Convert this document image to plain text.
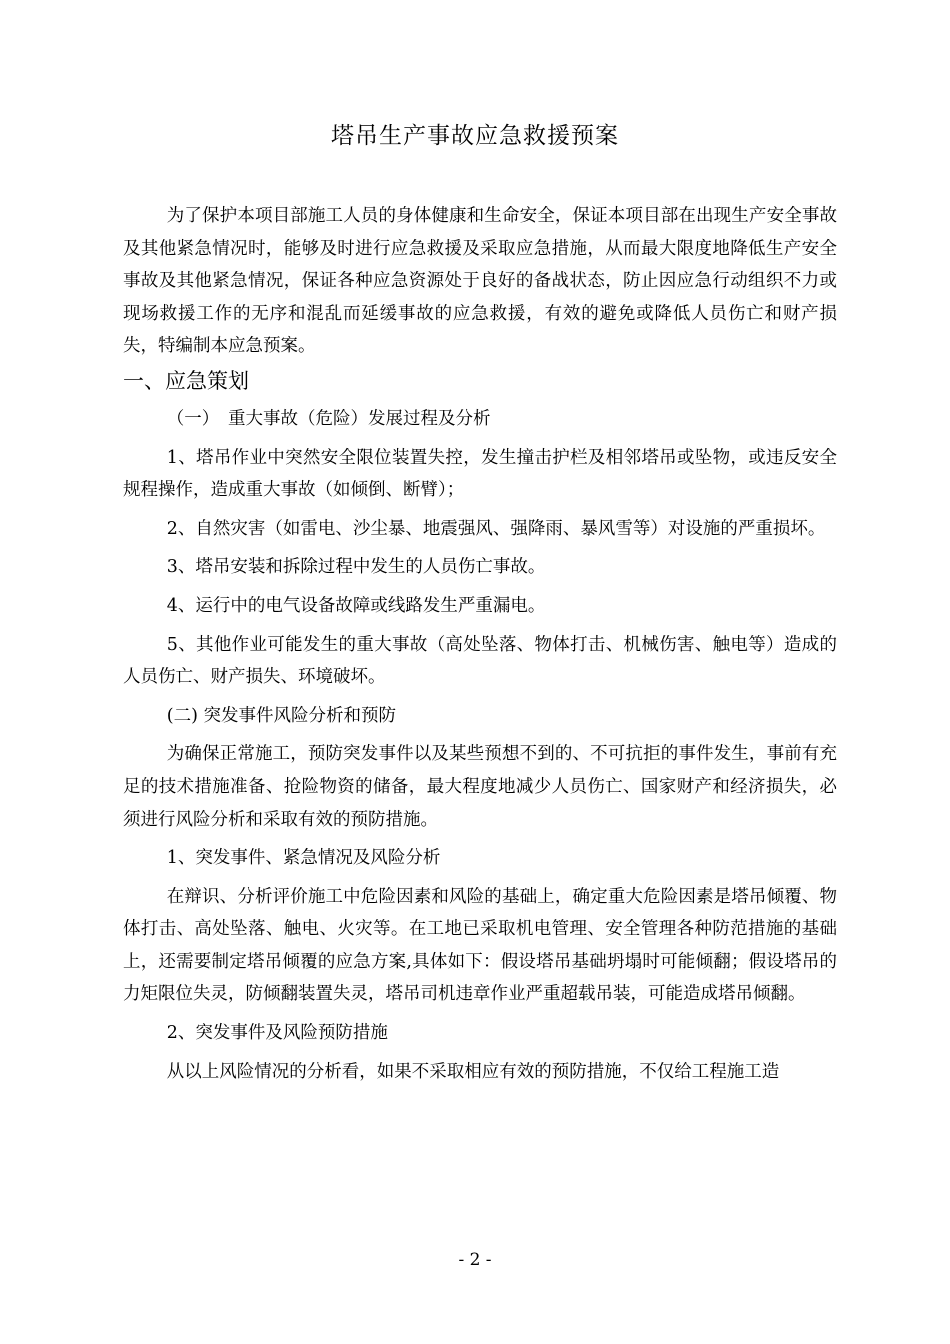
塔吊生产事故应急救援预案

为了保护本项目部施工人员的身体健康和生命安全，保证本项目部在出现生产安全事故及其他紧急情况时，能够及时进行应急救援及采取应急措施，从而最大限度地降低生产安全事故及其他紧急情况，保证各种应急资源处于良好的备战状态，防止因应急行动组织不力或现场救援工作的无序和混乱而延缓事故的应急救援，有效的避免或降低人员伤亡和财产损失，特编制本应急预案。

一、应急策划

（一）　重大事故（危险）发展过程及分析

1、塔吊作业中突然安全限位装置失控，发生撞击护栏及相邻塔吊或坠物，或违反安全规程操作，造成重大事故（如倾倒、断臂）；

2、自然灾害（如雷电、沙尘暴、地震强风、强降雨、暴风雪等）对设施的严重损坏。

3、塔吊安装和拆除过程中发生的人员伤亡事故。

4、运行中的电气设备故障或线路发生严重漏电。

5、其他作业可能发生的重大事故（高处坠落、物体打击、机械伤害、触电等）造成的人员伤亡、财产损失、环境破坏。

(二) 突发事件风险分析和预防

为确保正常施工，预防突发事件以及某些预想不到的、不可抗拒的事件发生，事前有充足的技术措施准备、抢险物资的储备，最大程度地减少人员伤亡、国家财产和经济损失，必须进行风险分析和采取有效的预防措施。

1、突发事件、紧急情况及风险分析

在辩识、分析评价施工中危险因素和风险的基础上，确定重大危险因素是塔吊倾覆、物体打击、高处坠落、触电、火灾等。在工地已采取机电管理、安全管理各种防范措施的基础上，还需要制定塔吊倾覆的应急方案,具体如下：假设塔吊基础坍塌时可能倾翻；假设塔吊的力矩限位失灵，防倾翻装置失灵，塔吊司机违章作业严重超载吊装，可能造成塔吊倾翻。

2、突发事件及风险预防措施

从以上风险情况的分析看，如果不采取相应有效的预防措施，不仅给工程施工造

- 2 -
